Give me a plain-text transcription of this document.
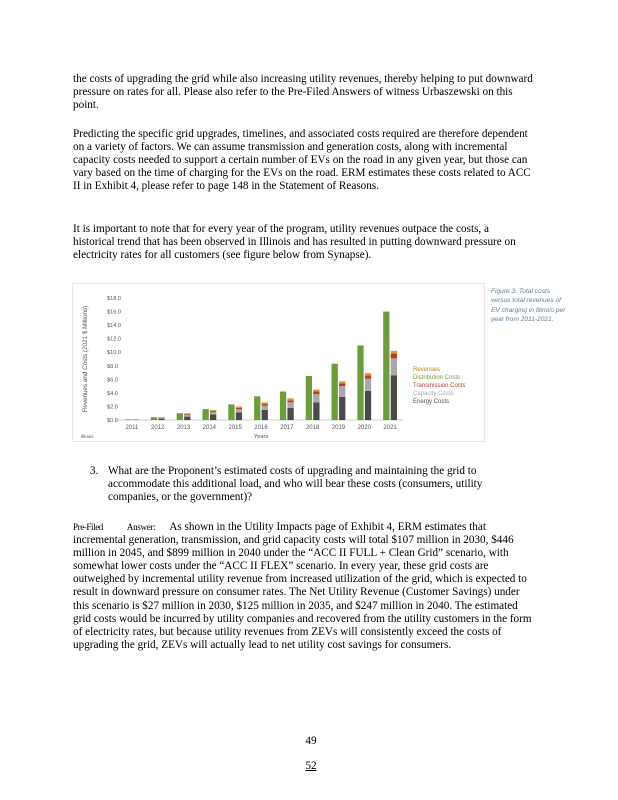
the costs of upgrading the grid while also increasing utility revenues, thereby helping to put downward pressure on rates for all. Please also refer to the Pre-Filed Answers of witness Urbaszewski on this point.

Predicting the specific grid upgrades, timelines, and associated costs required are therefore dependent on a variety of factors. We can assume transmission and generation costs, along with incremental capacity costs needed to support a certain number of EVs on the road in any given year, but those can vary based on the time of charging for the EVs on the road. ERM estimates these costs related to ACC II in Exhibit 4, please refer to page 148 in the Statement of Reasons.

It is important to note that for every year of the program, utility revenues outpace the costs, a historical trend that has been observed in Illinois and has resulted in putting downward pressure on electricity rates for all customers (see figure below from Synapse).

Revenues and Costs (2021 $ Millions)
$0.0
$2.0
$4.0
$6.0
$8.0
$10.0
$12.0
$14.0
$16.0
$18.0
2011 2012 2013 2014 2015 2016 2017 2018 2019 2020 2021
Years
Illinois
Revenues
Distribution Costs
Transmission Costs
Capacity Costs
Energy Costs

Figure 3. Total costs versus total revenues of EV charging in Illinois per year from 2011-2021.

3. What are the Proponent’s estimated costs of upgrading and maintaining the grid to accommodate this additional load, and who will bear these costs (consumers, utility companies, or the government)?

Pre-Filed	Answer: As shown in the Utility Impacts page of Exhibit 4, ERM estimates that incremental generation, transmission, and grid capacity costs will total $107 million in 2030, $446 million in 2045, and $899 million in 2040 under the “ACC II FULL + Clean Grid” scenario, with somewhat lower costs under the “ACC II FLEX” scenario. In every year, these grid costs are outweighed by incremental utility revenue from increased utilization of the grid, which is expected to result in downward pressure on consumer rates. The Net Utility Revenue (Customer Savings) under this scenario is $27 million in 2030, $125 million in 2035, and $247 million in 2040. The estimated grid costs would be incurred by utility companies and recovered from the utility customers in the form of electricity rates, but because utility revenues from ZEVs will consistently exceed the costs of upgrading the grid, ZEVs will actually lead to net utility cost savings for consumers.

49
52
